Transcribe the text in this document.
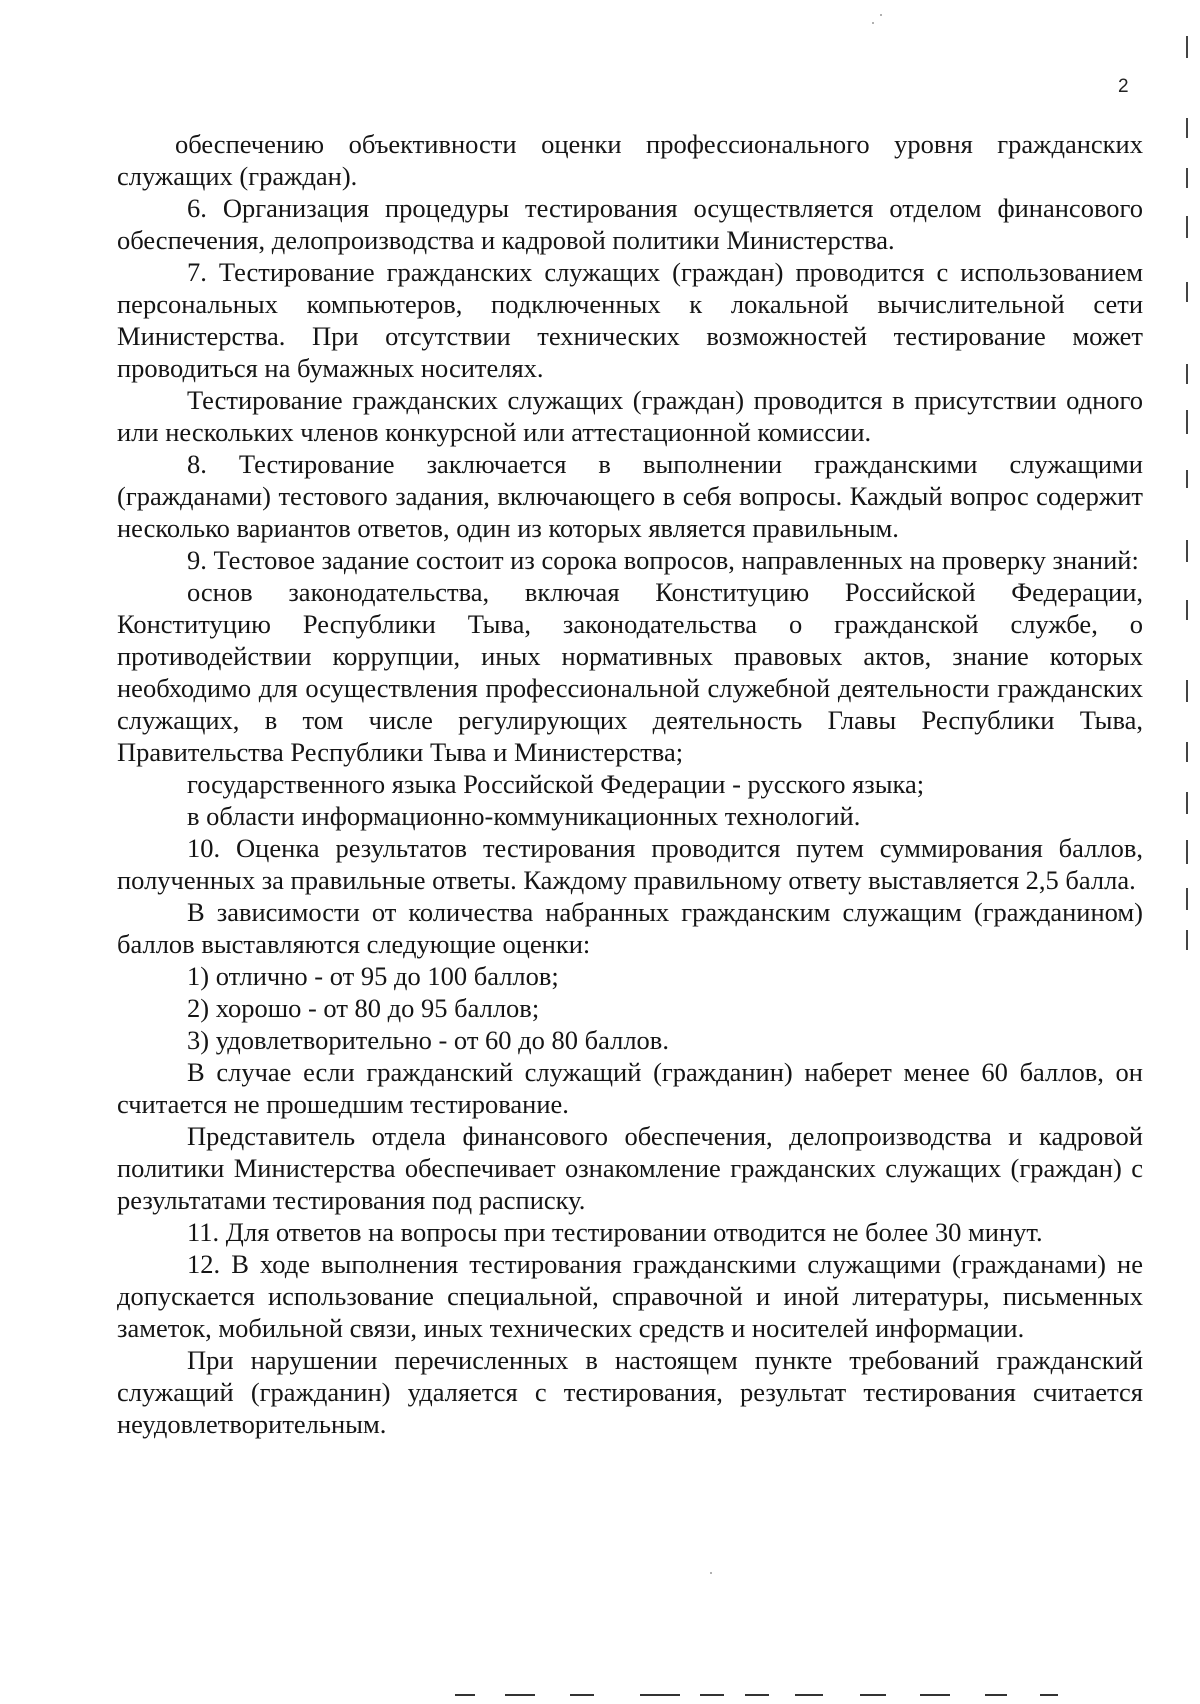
2

обеспечению объективности оценки профессионального уровня гражданских служащих (граждан).

6. Организация процедуры тестирования осуществляется отделом финансового обеспечения, делопроизводства и кадровой политики Министерства.

7. Тестирование гражданских служащих (граждан) проводится с использованием персональных компьютеров, подключенных к локальной вычислительной сети Министерства. При отсутствии технических возможностей тестирование может проводиться на бумажных носителях.

Тестирование гражданских служащих (граждан) проводится в присутствии одного или нескольких членов конкурсной или аттестационной комиссии.

8. Тестирование заключается в выполнении гражданскими служащими (гражданами) тестового задания, включающего в себя вопросы. Каждый вопрос содержит несколько вариантов ответов, один из которых является правильным.

9. Тестовое задание состоит из сорока вопросов, направленных на проверку знаний:

основ законодательства, включая Конституцию Российской Федерации, Конституцию Республики Тыва, законодательства о гражданской службе, о противодействии коррупции, иных нормативных правовых актов, знание которых необходимо для осуществления профессиональной служебной деятельности гражданских служащих, в том числе регулирующих деятельность Главы Республики Тыва, Правительства Республики Тыва и Министерства;

государственного языка Российской Федерации - русского языка;

в области информационно-коммуникационных технологий.

10. Оценка результатов тестирования проводится путем суммирования баллов, полученных за правильные ответы. Каждому правильному ответу выставляется 2,5 балла.

В зависимости от количества набранных гражданским служащим (гражданином) баллов выставляются следующие оценки:

1) отлично - от 95 до 100 баллов;

2) хорошо - от 80 до 95 баллов;

3) удовлетворительно - от 60 до 80 баллов.

В случае если гражданский служащий (гражданин) наберет менее 60 баллов, он считается не прошедшим тестирование.

Представитель отдела финансового обеспечения, делопроизводства и кадровой политики Министерства обеспечивает ознакомление гражданских служащих (граждан) с результатами тестирования под расписку.

11. Для ответов на вопросы при тестировании отводится не более 30 минут.

12. В ходе выполнения тестирования гражданскими служащими (гражданами) не допускается использование специальной, справочной и иной литературы, письменных заметок, мобильной связи, иных технических средств и носителей информации.

При нарушении перечисленных в настоящем пункте требований гражданский служащий (гражданин) удаляется с тестирования, результат тестирования считается неудовлетворительным.
